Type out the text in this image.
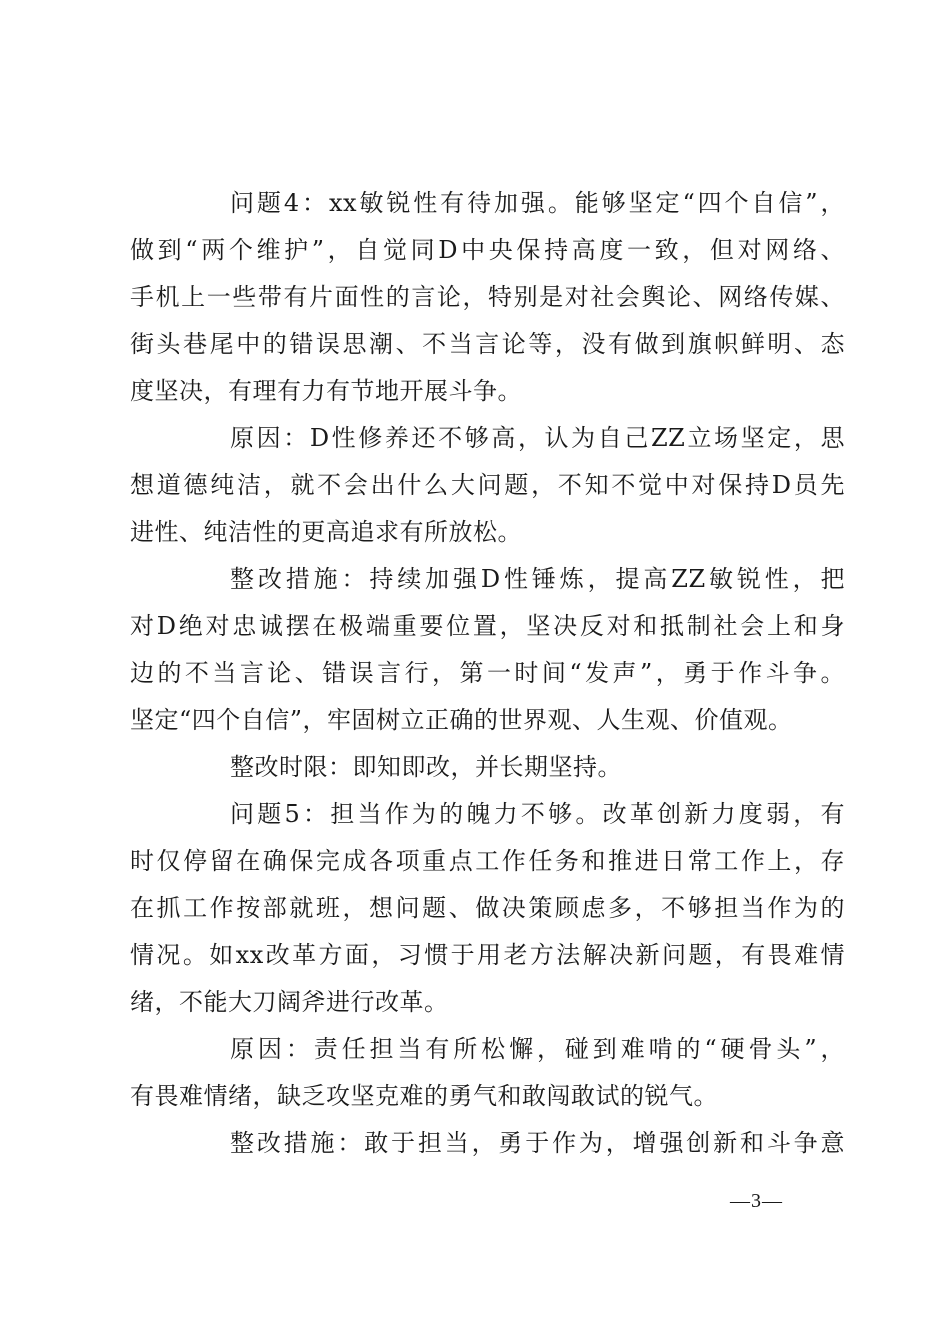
问题4：xx敏锐性有待加强。能够坚定“四个自信”，
做到“两个维护”，自觉同D中央保持高度一致，但对网络、
手机上一些带有片面性的言论，特别是对社会舆论、网络传媒、
街头巷尾中的错误思潮、不当言论等，没有做到旗帜鲜明、态
度坚决，有理有力有节地开展斗争。
原因：D性修养还不够高，认为自己ZZ立场坚定，思
想道德纯洁，就不会出什么大问题，不知不觉中对保持D员先
进性、纯洁性的更高追求有所放松。
整改措施：持续加强D性锤炼，提高ZZ敏锐性，把
对D绝对忠诚摆在极端重要位置，坚决反对和抵制社会上和身
边的不当言论、错误言行，第一时间“发声”，勇于作斗争。
坚定“四个自信”，牢固树立正确的世界观、人生观、价值观。
整改时限：即知即改，并长期坚持。
问题5：担当作为的魄力不够。改革创新力度弱，有
时仅停留在确保完成各项重点工作任务和推进日常工作上，存
在抓工作按部就班，想问题、做决策顾虑多，不够担当作为的
情况。如xx改革方面，习惯于用老方法解决新问题，有畏难情
绪，不能大刀阔斧进行改革。
原因：责任担当有所松懈，碰到难啃的“硬骨头”，
有畏难情绪，缺乏攻坚克难的勇气和敢闯敢试的锐气。
整改措施：敢于担当，勇于作为，增强创新和斗争意
—3—
